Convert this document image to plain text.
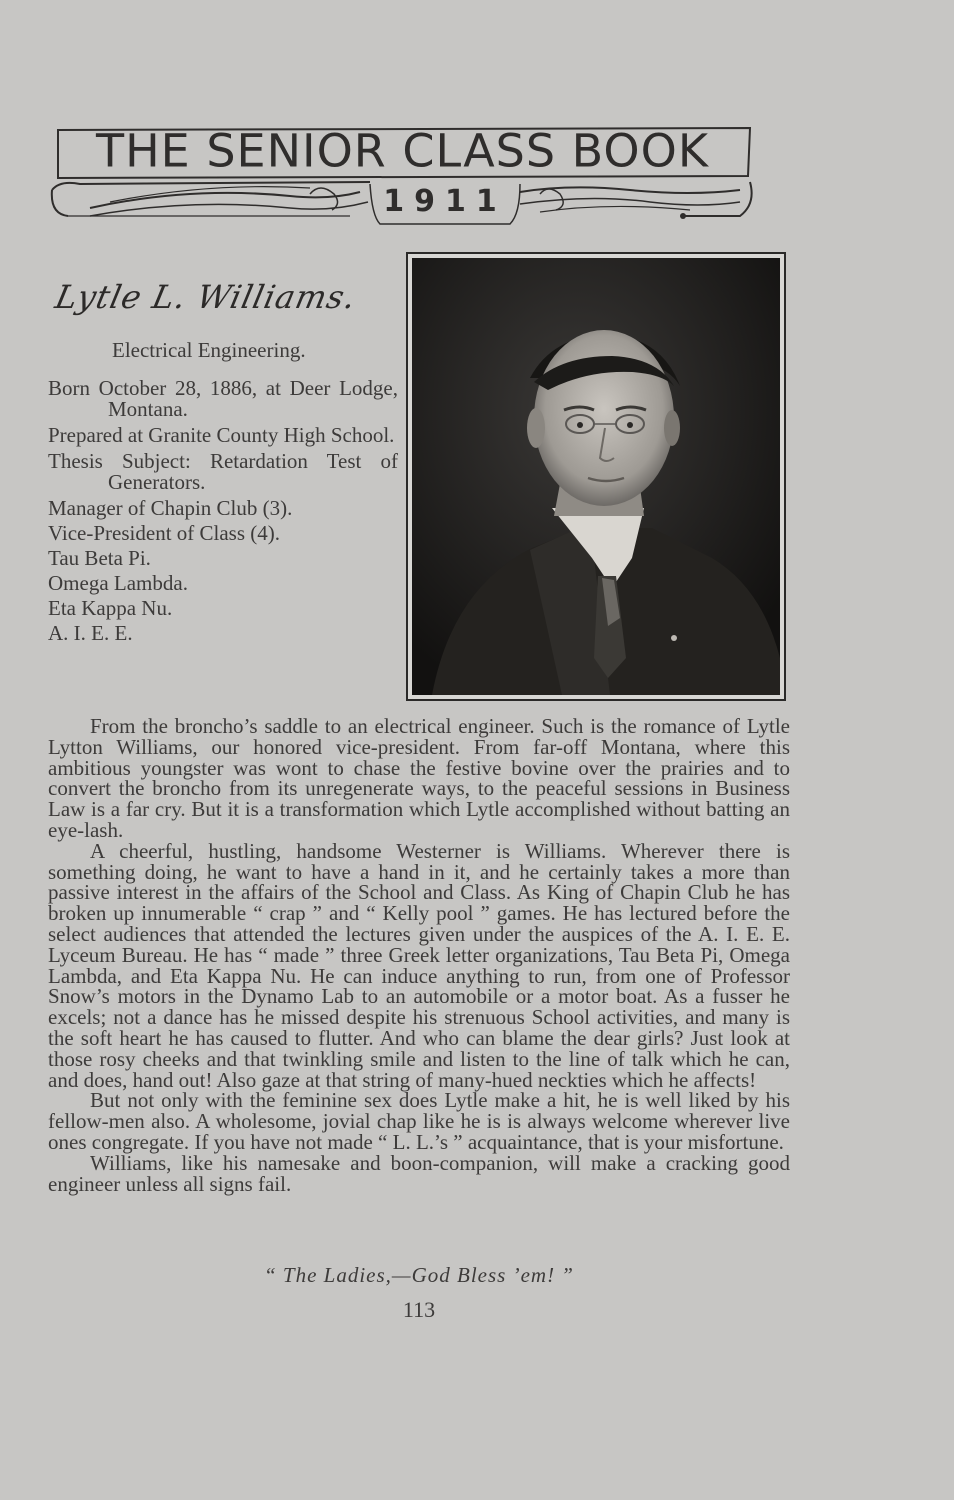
THE SENIOR CLASS BOOK
1911
Lytle L. Williams.
Electrical Engineering.
Born October 28, 1886, at Deer Lodge, Montana.
Prepared at Granite County High School.
Thesis Subject: Retardation Test of Generators.
Manager of Chapin Club (3).
Vice-President of Class (4).
Tau Beta Pi.
Omega Lambda.
Eta Kappa Nu.
A. I. E. E.

From the broncho’s saddle to an electrical engineer. Such is the romance of Lytle Lytton Williams, our honored vice-president. From far-off Montana, where this ambitious youngster was wont to chase the festive bovine over the prairies and to convert the broncho from its unregenerate ways, to the peaceful sessions in Business Law is a far cry. But it is a transformation which Lytle accomplished without batting an eye-lash.

A cheerful, hustling, handsome Westerner is Williams. Wherever there is something doing, he want to have a hand in it, and he certainly takes a more than passive interest in the affairs of the School and Class. As King of Chapin Club he has broken up innumerable “ crap ” and “ Kelly pool ” games. He has lectured before the select audiences that attended the lectures given under the auspices of the A. I. E. E. Lyceum Bureau. He has “ made ” three Greek letter organizations, Tau Beta Pi, Omega Lambda, and Eta Kappa Nu. He can induce anything to run, from one of Professor Snow’s motors in the Dynamo Lab to an automobile or a motor boat. As a fusser he excels; not a dance has he missed despite his strenuous School activities, and many is the soft heart he has caused to flutter. And who can blame the dear girls? Just look at those rosy cheeks and that twinkling smile and listen to the line of talk which he can, and does, hand out! Also gaze at that string of many-hued neckties which he affects!

But not only with the feminine sex does Lytle make a hit, he is well liked by his fellow-men also. A wholesome, jovial chap like he is is always welcome wherever live ones congregate. If you have not made “ L. L.’s ” acquaintance, that is your misfortune.

Williams, like his namesake and boon-companion, will make a cracking good engineer unless all signs fail.

“ The Ladies,—God Bless ’em! ”
113
